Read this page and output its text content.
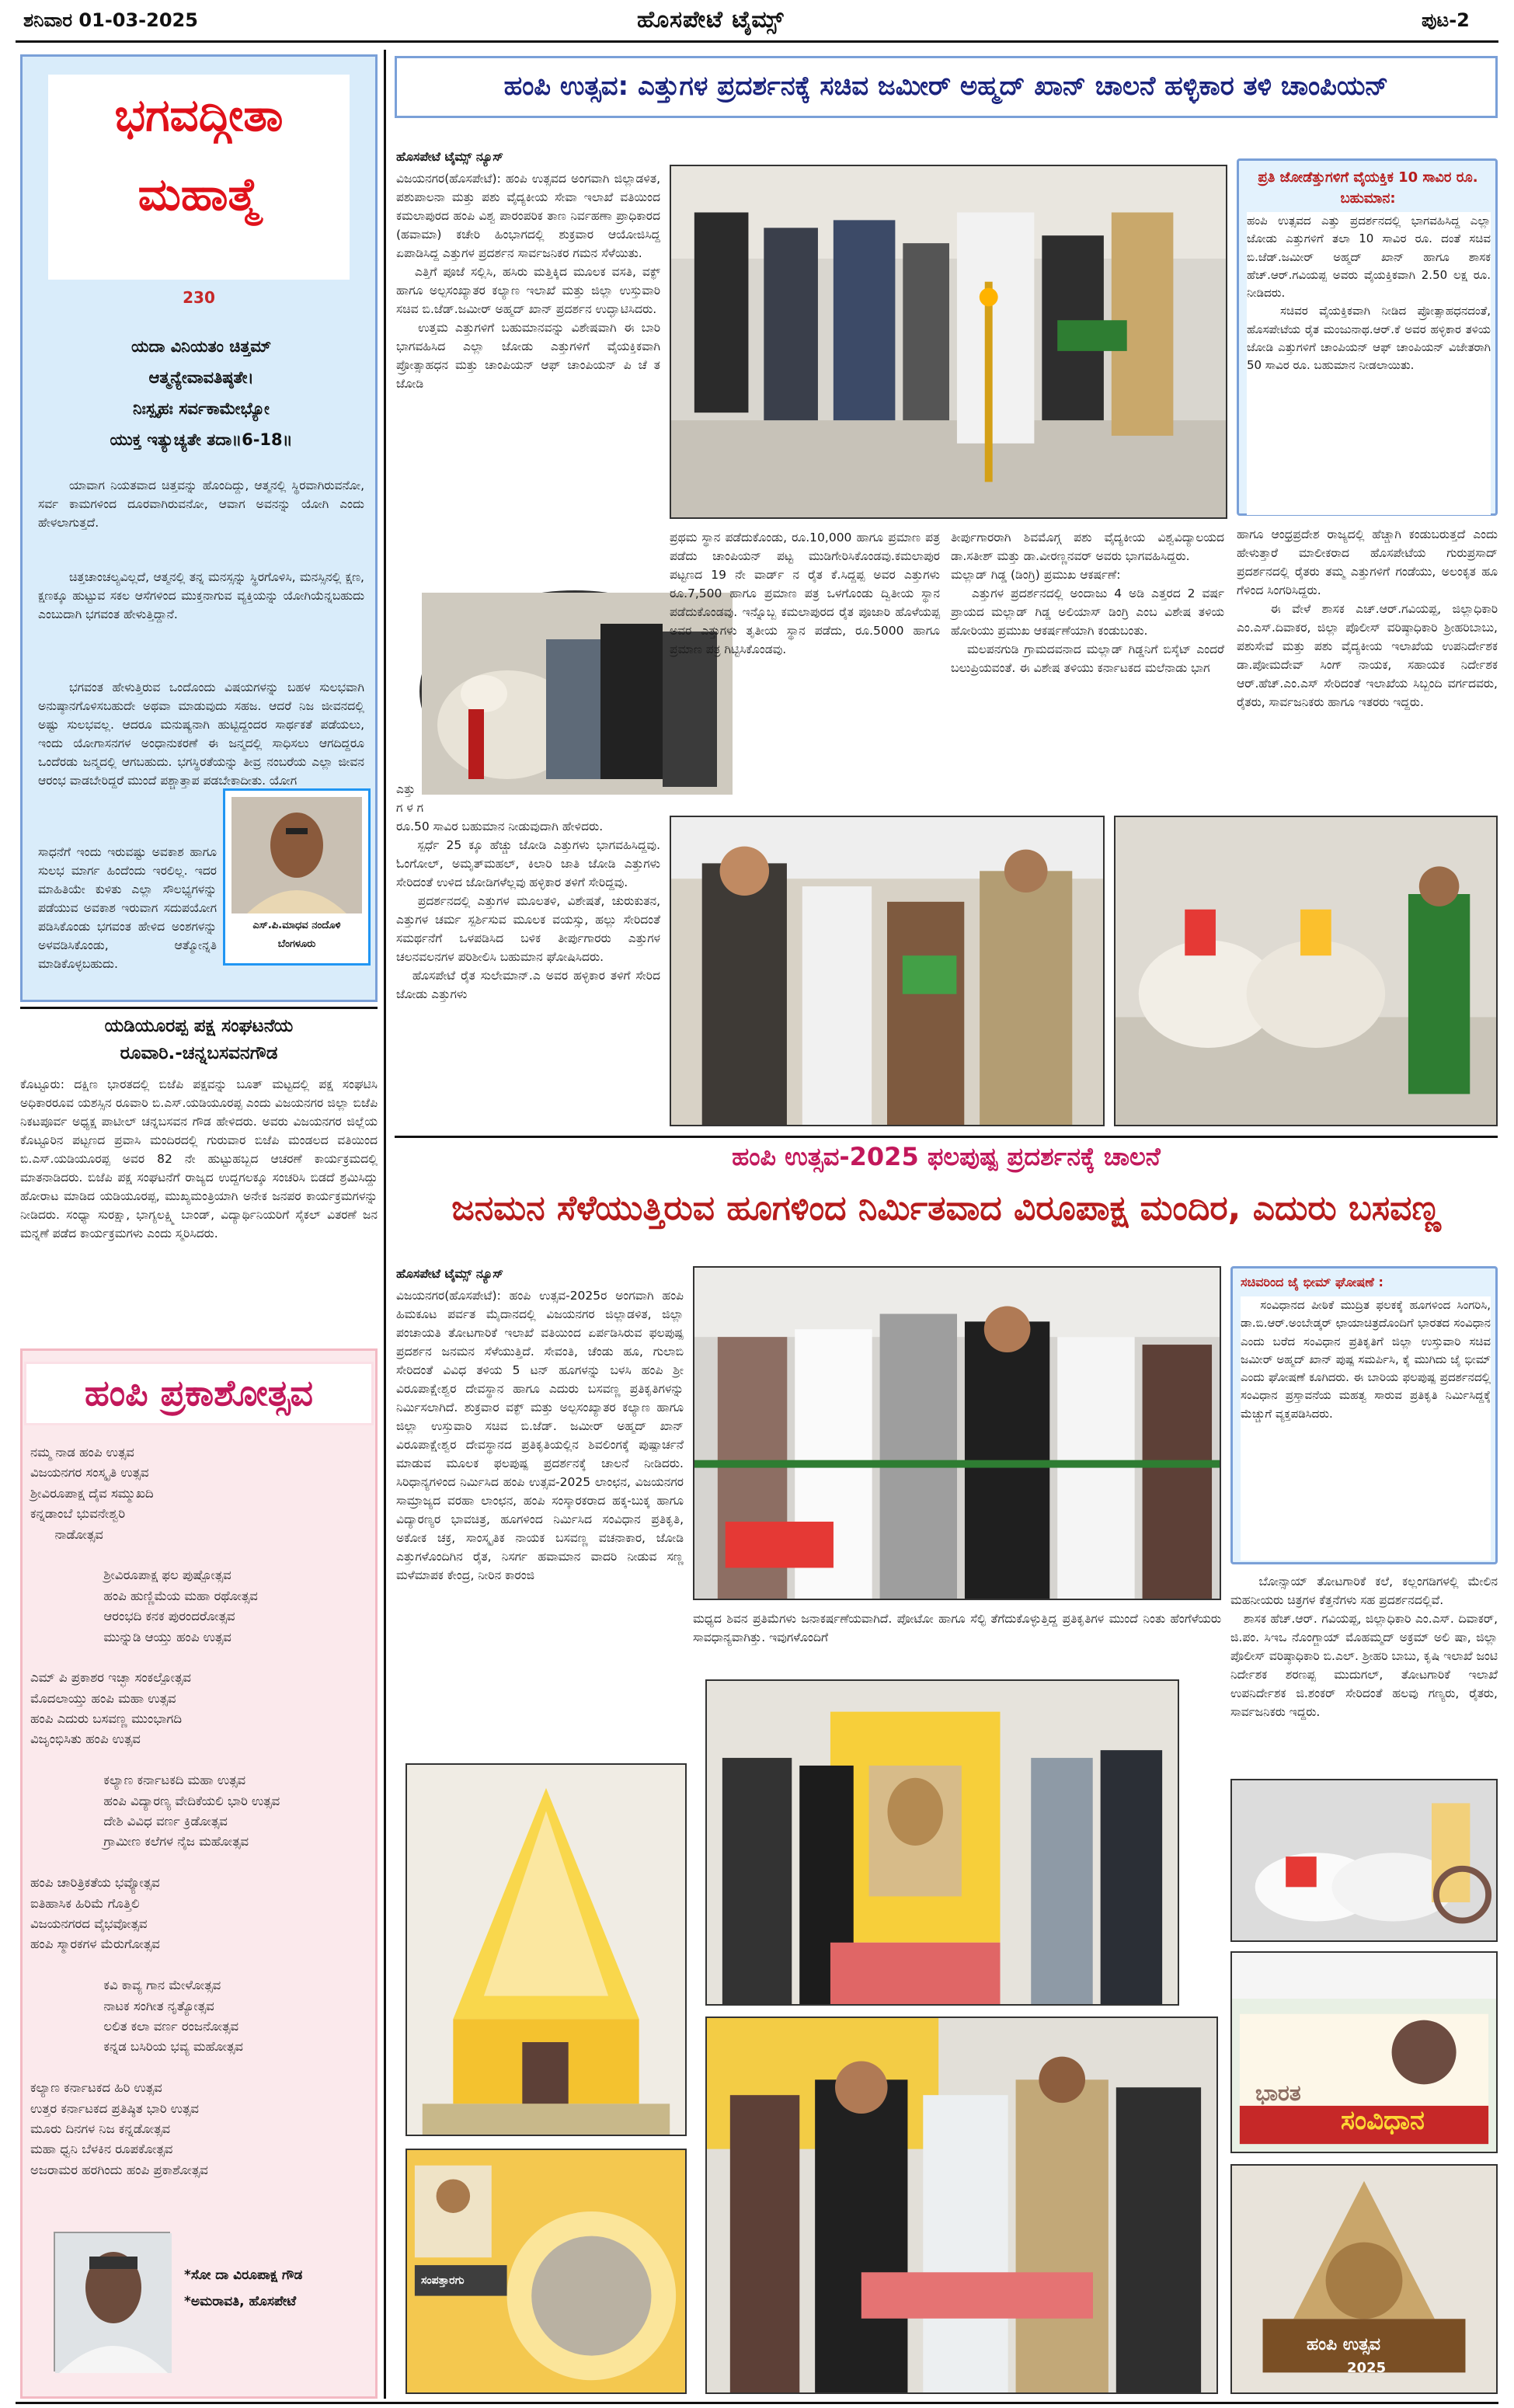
ಶನಿವಾರ 01-03-2025	ಹೊಸಪೇಟೆ ಟೈಮ್ಸ್	ಪುಟ-2
ಭಗವದ್ಗೀತಾ
ಮಹಾತ್ಮೆ
230
ಯದಾ ವಿನಿಯತಂ ಚಿತ್ತಮ್
ಆತ್ಮನ್ಯೇವಾವತಿಷ್ಠತೇ।
ನಿಃಸ್ಪೃಹಃ ಸರ್ವಕಾಮೇಭ್ಯೋ
ಯುಕ್ತ ಇತ್ಯುಚ್ಯತೇ ತದಾ॥6-18॥
ಯಾವಾಗ ನಿಯತವಾದ ಚಿತ್ತವನ್ನು ಹೊಂದಿದ್ದು, ಆತ್ಮನಲ್ಲಿ ಸ್ಥಿರವಾಗಿರುವನೋ, ಸರ್ವ ಕಾಮಗಳಿಂದ ದೂರವಾಗಿರುವನೋ, ಆವಾಗ ಅವನನ್ನು ಯೋಗಿ ಎಂದು ಹೇಳಲಾಗುತ್ತದೆ.
ಚಿತ್ತಚಾಂಚಲ್ಯವಿಲ್ಲದೆ, ಆತ್ಮನಲ್ಲಿ ತನ್ನ ಮನಸ್ಸನ್ನು ಸ್ಥಿರಗೊಳಿಸಿ, ಮನಸ್ಸಿನಲ್ಲಿ ಕ್ಷಣ, ಕ್ಷಣಕ್ಕೂ ಹುಟ್ಟುವ ಸಕಲ ಆಸೆಗಳಿಂದ ಮುಕ್ತನಾಗುವ ವ್ಯಕ್ತಿಯನ್ನು ಯೋಗಿಯೆನ್ನಬಹುದು ಎಂಬುದಾಗಿ ಭಗವಂತ ಹೇಳುತ್ತಿದ್ದಾನೆ.
ಭಗವಂತ ಹೇಳುತ್ತಿರುವ ಒಂದೊಂದು ವಿಷಯಗಳನ್ನು ಬಹಳ ಸುಲಭವಾಗಿ ಅನುಷ್ಠಾನಗೊಳಿಸಬಹುದೇ ಅಥವಾ ಮಾಡುವುದು ಸಹಜ. ಆದರೆ ನಿಜ ಜೀವನದಲ್ಲಿ ಅಷ್ಟು ಸುಲಭವಲ್ಲ. ಆದರೂ ಮನುಷ್ಯನಾಗಿ ಹುಟ್ಟಿದ್ದಂದರ ಸಾರ್ಥಕತೆ ಪಡೆಯಲು, ಇಂದು ಯೋಗಾಸನಗಳ ಅಂಧಾನುಕರಣೆ ಈ ಜನ್ಮದಲ್ಲಿ ಸಾಧಿಸಲು ಆಗದಿದ್ದರೂ ಒಂದೆರಡು ಜನ್ಮದಲ್ಲಿ ಆಗಬಹುದು. ಭಗಸ್ಥಿರತೆಯನ್ನು ತೀವ್ರ ನಂಬರೆಯ ಎಲ್ಲಾ ಜೀವನ ಆರಂಭ ವಾಡಬೇರಿದ್ದರೆ ಮುಂದೆ ಪಶ್ಚಾತ್ತಾಪ ಪಡಬೇಕಾದೀತು. ಯೋಗ
ಸಾಧನೆಗೆ ಇಂದು ಇರುವಷ್ಟು ಅವಕಾಶ ಹಾಗೂ ಸುಲಭ ಮಾರ್ಗ ಹಿಂದೆಂದು ಇರಲಿಲ್ಲ. ಇದರ ಮಾಹಿತಿಯೇ ಕುಳಿತು ಎಲ್ಲಾ ಸೌಲಭ್ಯಗಳನ್ನು ಪಡೆಯುವ ಅವಕಾಶ ಇರುವಾಗ ಸದುಪಯೋಗ ಪಡಿಸಿಕೊಂಡು ಭಗವಂತ ಹೇಳಿದ ಅಂಶಗಳನ್ನು ಅಳವಡಿಸಿಕೊಂಡು, ಆತ್ಮೋನ್ನತಿ ಮಾಡಿಕೊಳ್ಳಬಹುದು.
ಎಸ್.ಪಿ.ಮಾಧವ ನಂದೊಳಿ
ಬೆಂಗಳೂರು
ಯಡಿಯೂರಪ್ಪ ಪಕ್ಷ ಸಂಘಟನೆಯ
ರೂವಾರಿ.-ಚನ್ನಬಸವನಗೌಡ
ಕೊಟ್ಟೂರು: ದಕ್ಷಿಣ ಭಾರತದಲ್ಲಿ ಬಿಜೆಪಿ ಪಕ್ಷವನ್ನು ಬೂತ್ ಮಟ್ಟದಲ್ಲಿ ಪಕ್ಷ ಸಂಘಟಿಸಿ ಅಧಿಕಾರರೂವ ಯಶಸ್ಸಿನ ರೂವಾರಿ ಬಿ.ಎಸ್.ಯಡಿಯೂರಪ್ಪ ಎಂದು ವಿಜಯನಗರ ಜಿಲ್ಲಾ ಬಿಜೆಪಿ ನಿಕಟಪೂರ್ವ ಅಧ್ಯಕ್ಷ ಪಾಟೀಲ್ ಚನ್ನಬಸವನ ಗೌಡ ಹೇಳಿದರು. ಅವರು ವಿಜಯನಗರ ಜಿಲ್ಲೆಯ ಕೊಟ್ಟೂರಿನ ಪಟ್ಟಣದ ಪ್ರವಾಸಿ ಮಂದಿರದಲ್ಲಿ ಗುರುವಾರ ಬಿಜೆಪಿ ಮಂಡಲದ ವತಿಯಿಂದ ಬಿ.ಎಸ್.ಯಡಿಯೂರಪ್ಪ ಅವರ 82 ನೇ ಹುಟ್ಟುಹಬ್ಬದ ಆಚರಣೆ ಕಾರ್ಯಕ್ರಮದಲ್ಲಿ ಮಾತನಾಡಿದರು. ಬಿಜೆಪಿ ಪಕ್ಷ ಸಂಘಟನೆಗೆ ರಾಜ್ಯದ ಉದ್ದಗಲಕ್ಕೂ ಸಂಚರಿಸಿ ಬಿಡದೆ ಶ್ರಮಿಸಿದ್ದು ಹೋರಾಟ ಮಾಡಿದ ಯಡಿಯೂರಪ್ಪ, ಮುಖ್ಯಮಂತ್ರಿಯಾಗಿ ಅನೇಕ ಜನಪರ ಕಾರ್ಯಕ್ರಮಗಳನ್ನು ನೀಡಿದರು. ಸಂಧ್ಯಾ ಸುರಕ್ಷಾ, ಭಾಗ್ಯಲಕ್ಷ್ಮಿ ಬಾಂಡ್, ವಿದ್ಯಾರ್ಥಿನಿಯರಿಗೆ ಸೈಕಲ್ ವಿತರಣೆ ಜನ ಮನ್ನಣೆ ಪಡೆದ ಕಾರ್ಯಕ್ರಮಗಳು ಎಂದು ಸ್ಮರಿಸಿದರು.
ಹಂಪಿ ಪ್ರಕಾಶೋತ್ಸವ
ನಮ್ಮ ನಾಡ ಹಂಪಿ ಉತ್ಸವ
ವಿಜಯನಗರ ಸಂಸ್ಕೃತಿ ಉತ್ಸವ
ಶ್ರೀವಿರೂಪಾಕ್ಷ ದೈವ ಸಮ್ಮುಖದಿ
ಕನ್ನಡಾಂಬೆ ಭುವನೇಶ್ವರಿ
ನಾಡೋತ್ಸವ

ಶ್ರೀವಿರೂಪಾಕ್ಷ ಫಲ ಪುಷ್ಪೋತ್ಸವ
ಹಂಪಿ ಹುಣ್ಣಿಮೆಯ ಮಹಾ ರಥೋತ್ಸವ
ಆರಂಭದಿ ಕನಕ ಪುರಂದರೋತ್ಸವ
ಮುನ್ನುಡಿ ಆಯ್ತು ಹಂಪಿ ಉತ್ಸವ

ಎಮ್ ಪಿ ಪ್ರಕಾಶರ ಇಚ್ಛಾ ಸಂಕಲ್ಪೋತ್ಸವ
ಮೊದಲಾಯ್ತು ಹಂಪಿ ಮಹಾ ಉತ್ಸವ
ಹಂಪಿ ಎದುರು ಬಸವಣ್ಣ ಮುಂಭಾಗದಿ
ವಿಜೃಂಭಿಸಿತು ಹಂಪಿ ಉತ್ಸವ

ಕಲ್ಯಾಣ ಕರ್ನಾಟಕದಿ ಮಹಾ ಉತ್ಸವ
ಹಂಪಿ ವಿದ್ಯಾರಣ್ಯ ವೇದಿಕೆಯಲಿ ಭಾರಿ ಉತ್ಸವ
ದೇಶಿ ವಿವಿಧ ವರ್ಣ ಕ್ರಿಡೋತ್ಸವ
ಗ್ರಾಮೀಣ ಕಲೆಗಳ ನೈಜ ಮಹೋತ್ಸವ

ಹಂಪಿ ಚಾರಿತ್ರಿಕತೆಯ ಭವ್ಯೋತ್ಸವ
ಐತಿಹಾಸಿಕ ಹಿರಿಮೆ ಗೊತ್ತಿಲಿ
ವಿಜಯನಗರದ ವೈಭವೋತ್ಸವ
ಹಂಪಿ ಸ್ಮಾರಕಗಳ ಮೆರುಗೋತ್ಸವ

ಕವಿ ಕಾವ್ಯ ಗಾನ ಮೇಳೋತ್ಸವ
ನಾಟಕ ಸಂಗೀತ ನೃತ್ಯೋತ್ಸವ
ಲಲಿತ ಕಲಾ ವರ್ಣ ರಂಜನೋತ್ಸವ
ಕನ್ನಡ ಬಸಿರಿಯ ಭವ್ಯ ಮಹೋತ್ಸವ

ಕಲ್ಯಾಣ ಕರ್ನಾಟಕದ ಹಿರಿ ಉತ್ಸವ
ಉತ್ತರ ಕರ್ನಾಟಕದ ಪ್ರತಿಷ್ಠಿತ ಭಾರಿ ಉತ್ಸವ
ಮೂರು ದಿನಗಳ ನಿಜ ಕನ್ನಡೋತ್ಸವ
ಮಹಾ ಧ್ವನಿ ಬೆಳಕಿನ ರೂಪಕೋತ್ಸವ
ಅಜರಾಮರ ಹರಗಿಂದು ಹಂಪಿ ಪ್ರಕಾಶೋತ್ಸವ
*ಸೋ ದಾ ವಿರೂಪಾಕ್ಷ ಗೌಡ
*ಅಮರಾವತಿ, ಹೊಸಪೇಟೆ
ಹಂಪಿ ಉತ್ಸವ: ಎತ್ತುಗಳ ಪ್ರದರ್ಶನಕ್ಕೆ ಸಚಿವ ಜಮೀರ್ ಅಹ್ಮದ್ ಖಾನ್ ಚಾಲನೆ ಹಳ್ಳಿಕಾರ ತಳಿ ಚಾಂಪಿಯನ್
ಹೊಸಪೇಟೆ ಟೈಮ್ಸ್ ನ್ಯೂಸ್
ವಿಜಯನಗರ(ಹೊಸಪೇಟೆ): ಹಂಪಿ ಉತ್ಸವದ ಅಂಗವಾಗಿ ಜಿಲ್ಲಾಡಳಿತ, ಪಶುಪಾಲನಾ ಮತ್ತು ಪಶು ವೈದ್ಯಕೀಯ ಸೇವಾ ಇಲಾಖೆ ವತಿಯಿಂದ ಕಮಲಾಪುರದ ಹಂಪಿ ವಿಶ್ವ ಪಾರಂಪರಿಕ ತಾಣ ನಿರ್ವಹಣಾ ಪ್ರಾಧಿಕಾರದ (ಹವಾಮಾ) ಕಚೇರಿ ಹಿಂಭಾಗದಲ್ಲಿ ಶುಕ್ರವಾರ ಆಯೋಜಿಸಿದ್ದ ಏಪಾಡಿಸಿದ್ದ ಎತ್ತುಗಳ ಪ್ರದರ್ಶನ ಸಾರ್ವಜನಿಕರ ಗಮನ ಸೆಳೆಯಿತು.
ಎತ್ತಿಗೆ ಪೂಜೆ ಸಲ್ಲಿಸಿ, ಹಸಿರು ಮತ್ತಿಕ್ಕಿದ ಮೂಲಕ ವಸತಿ, ವಕ್ಫ್ ಹಾಗೂ ಅಲ್ಪಸಂಖ್ಯಾತರ ಕಲ್ಯಾಣ ಇಲಾಖೆ ಮತ್ತು ಜಿಲ್ಲಾ ಉಸ್ತುವಾರಿ ಸಚಿವ ಬಿ.ಜೆಡ್.ಜಮೀರ್ ಅಹ್ಮದ್ ಖಾನ್ ಪ್ರದರ್ಶನ ಉದ್ಘಾಟಿಸಿದರು.
ಉತ್ತಮ ಎತ್ತುಗಳಿಗೆ ಬಹುಮಾನವನ್ನು ವಿಶೇಷವಾಗಿ ಈ ಬಾರಿ ಭಾಗವಹಿಸಿದ ಎಲ್ಲಾ ಜೋಡು ಎತ್ತುಗಳಿಗೆ ವೈಯಕ್ತಿಕವಾಗಿ ಪ್ರೋತ್ಸಾಹಧನ ಮತ್ತು ಚಾಂಪಿಯನ್ ಆಫ್ ಚಾಂಪಿಯನ್ ಪಿ ಚೆ ತ ಜೋಡಿ
ಎತ್ತು
ಗ ಳ ಗ
ರೂ.50 ಸಾವಿರ ಬಹುಮಾನ ನೀಡುವುದಾಗಿ ಹೇಳಿದರು.
ಸ್ಪರ್ಧೆ 25 ಕ್ಕೂ ಹೆಚ್ಚು ಜೋಡಿ ಎತ್ತುಗಳು ಭಾಗವಹಿಸಿದ್ದವು. ಓಂಗೋಲ್, ಅಮೃತ್‌ಮಹಲ್, ಕಿಲಾರಿ ಜಾತಿ ಜೋಡಿ ಎತ್ತುಗಳು ಸೇರಿದಂತೆ ಉಳಿದ ಜೋಡಿಗಳೆಲ್ಲವು ಹಳ್ಳಿಕಾರ ತಳಿಗೆ ಸೇರಿದ್ದವು.
ಪ್ರದರ್ಶನದಲ್ಲಿ ಎತ್ತುಗಳ ಮೂಲತಳಿ, ವಿಶೇಷತೆ, ಚುರುಕುತನ, ಎತ್ತುಗಳ ಚರ್ಮ ಸ್ಪರ್ಶಿಸುವ ಮೂಲಕ ವಯಸ್ಸು, ಹಲ್ಲು ಸೇರಿದಂತೆ ಸಮರ್ಥನೆಗೆ ಒಳಪಡಿಸಿದ ಬಳಿಕ ತೀರ್ಪುಗಾರರು ಎತ್ತುಗಳ ಚಲನವಲನಗಳ ಪರಿಶೀಲಿಸಿ ಬಹುಮಾನ ಘೋಷಿಸಿದರು.
ಹೊಸಪೇಟೆ ರೈತ ಸುಲೇಮಾನ್.ಎ ಅವರ ಹಳ್ಳಿಕಾರ ತಳಿಗೆ ಸೇರಿದ ಜೋಡು ಎತ್ತುಗಳು
ಪ್ರಥಮ ಸ್ಥಾನ ಪಡೆದುಕೊಂಡು, ರೂ.10,000 ಹಾಗೂ ಪ್ರಮಾಣ ಪತ್ರ ಪಡೆದು ಚಾಂಪಿಯನ್ ಪಟ್ಟ ಮುಡಿಗೇರಿಸಿಕೊಂಡವು.ಕಮಲಾಪುರ ಪಟ್ಟಣದ 19 ನೇ ವಾರ್ಡ್ ನ ರೈತ ಕೆ.ಸಿದ್ದಪ್ಪ ಅವರ ಎತ್ತುಗಳು ರೂ.7,500 ಹಾಗೂ ಪ್ರಮಾಣ ಪತ್ರ ಒಳಗೊಂಡು ದ್ವಿತೀಯ ಸ್ಥಾನ ಪಡೆದುಕೊಂಡವು. ಇನ್ನೊಬ್ಬ ಕಮಲಾಪುರದ ರೈತ ಪೂಜಾರಿ ಹೊಳೆಯಪ್ಪ ಅವರ ಎತ್ತುಗಳು ತೃತೀಯ ಸ್ಥಾನ ಪಡೆದು, ರೂ.5000 ಹಾಗೂ ಪ್ರಮಾಣ ಪತ್ರ ಗಿಟ್ಟಿಸಿಕೊಂಡವು.
ತೀರ್ಪುಗಾರರಾಗಿ ಶಿವಮೊಗ್ಗ ಪಶು ವೈದ್ಯಕೀಯ ವಿಶ್ವವಿದ್ಯಾಲಯದ ಡಾ.ಸತೀಶ್ ಮತ್ತು ಡಾ.ವೀರಣ್ಣನವರ್ ಅವರು ಭಾಗವಹಿಸಿದ್ದರು.
ಮಲ್ಲಾಡ್ ಗಿಡ್ಡ (ಡಿಂಗ್ರಿ) ಪ್ರಮುಖ ಆಕರ್ಷಣೆ:
ಎತ್ತುಗಳ ಪ್ರದರ್ಶನದಲ್ಲಿ ಅಂದಾಜು 4 ಅಡಿ ಎತ್ತರದ 2 ವರ್ಷ ಪ್ರಾಯದ ಮಲ್ಲಾಡ್ ಗಿಡ್ಡ ಅಲಿಯಾಸ್ ಡಿಂಗ್ರಿ ಎಂಬ ವಿಶೇಷ ತಳಿಯ ಹೋರಿಯು ಪ್ರಮುಖ ಆಕರ್ಷಣೆಯಾಗಿ ಕಂಡುಬಂತು.
ಮಲಪನಗುಡಿ ಗ್ರಾಮದವನಾದ ಮಲ್ಲಾಡ್ ಗಿಡ್ಡನಿಗೆ ಬಿಸ್ಕೆಟ್ ಎಂದರೆ ಬಲುಪ್ರಿಯವಂತೆ. ಈ ವಿಶೇಷ ತಳಿಯು ಕರ್ನಾಟಕದ ಮಲೆನಾಡು ಭಾಗ
ಪ್ರತಿ ಜೋಡೆತ್ತುಗಳಿಗೆ ವೈಯಕ್ತಿಕ 10 ಸಾವಿರ ರೂ. ಬಹುಮಾನ:
ಹಂಪಿ ಉತ್ಸವದ ಎತ್ತು ಪ್ರದರ್ಶನದಲ್ಲಿ ಭಾಗವಹಿಸಿದ್ದ ಎಲ್ಲಾ ಜೋಡು ಎತ್ತುಗಳಿಗೆ ತಲಾ 10 ಸಾವಿರ ರೂ. ದಂತೆ ಸಚಿವ ಬಿ.ಜೆಡ್.ಜಮೀರ್ ಅಹ್ಮದ್ ಖಾನ್ ಹಾಗೂ ಶಾಸಕ ಹೆಚ್.ಆರ್.ಗವಿಯಪ್ಪ ಅವರು ವೈಯಕ್ತಿಕವಾಗಿ 2.50 ಲಕ್ಷ ರೂ. ನೀಡಿದರು.
ಸಚಿವರ ವೈಯಕ್ತಿಕವಾಗಿ ನೀಡಿದ ಪ್ರೋತ್ಸಾಹಧನದಂತೆ, ಹೊಸಪೇಟೆಯ ರೈತ ಮಂಜುನಾಥ.ಆರ್.ಕೆ ಅವರ ಹಳ್ಳಿಕಾರ ತಳಿಯ ಜೋಡಿ ಎತ್ತುಗಳಿಗೆ ಚಾಂಪಿಯನ್ ಆಫ್ ಚಾಂಪಿಯನ್ ವಿಜೇತರಾಗಿ 50 ಸಾವಿರ ರೂ. ಬಹುಮಾನ ನೀಡಲಾಯಿತು.
ಹಾಗೂ ಆಂಧ್ರಪ್ರದೇಶ ರಾಜ್ಯದಲ್ಲಿ ಹೆಚ್ಚಾಗಿ ಕಂಡುಬರುತ್ತದೆ ಎಂದು ಹೇಳುತ್ತಾರೆ ಮಾಲೀಕರಾದ ಹೊಸಪೇಟೆಯ ಗುರುಪ್ರಸಾದ್ ಪ್ರದರ್ಶನದಲ್ಲಿ ರೈತರು ತಮ್ಮ ಎತ್ತುಗಳಿಗೆ ಗಂಡೆಯು, ಅಲಂಕೃತ ಹೂ ಗೆಳಿಂದ ಸಿಂಗರಿಸಿದ್ದರು.
ಈ ವೇಳೆ ಶಾಸಕ ಎಚ್.ಆರ್.ಗವಿಯಪ್ಪ, ಜಿಲ್ಲಾಧಿಕಾರಿ ಎಂ.ಎಸ್.ದಿವಾಕರ, ಜಿಲ್ಲಾ ಪೊಲೀಸ್ ವರಿಷ್ಠಾಧಿಕಾರಿ ಶ್ರೀಹರಿಬಾಬು, ಪಶುಸೇವೆ ಮತ್ತು ಪಶು ವೈದ್ಯಕೀಯ ಇಲಾಖೆಯ ಉಪನಿರ್ದೇಶಕ ಡಾ.ಪೋಮದೇವ್ ಸಿಂಗ್ ನಾಯಕ, ಸಹಾಯಕ ನಿರ್ದೇಶಕ ಆರ್.ಹೆಚ್.ಎಂ.ಎಸ್ ಸೇರಿದಂತೆ ಇಲಾಖೆಯ ಸಿಬ್ಬಂದಿ ವರ್ಗದವರು, ರೈತರು, ಸಾರ್ವಜನಿಕರು ಹಾಗೂ ಇತರರು ಇದ್ದರು.
ಹಂಪಿ ಉತ್ಸವ-2025 ಫಲಪುಷ್ಪ ಪ್ರದರ್ಶನಕ್ಕೆ ಚಾಲನೆ
ಜನಮನ ಸೆಳೆಯುತ್ತಿರುವ ಹೂಗಳಿಂದ ನಿರ್ಮಿತವಾದ ವಿರೂಪಾಕ್ಷ ಮಂದಿರ, ಎದುರು ಬಸವಣ್ಣ
ಹೊಸಪೇಟೆ ಟೈಮ್ಸ್ ನ್ಯೂಸ್
ವಿಜಯನಗರ(ಹೊಸಪೇಟೆ): ಹಂಪಿ ಉತ್ಸವ-2025ರ ಅಂಗವಾಗಿ ಹಂಪಿ ಹಿಮಕೂಟ ಪರ್ವತ ಮೈದಾನದಲ್ಲಿ ವಿಜಯನಗರ ಜಿಲ್ಲಾಡಳಿತ, ಜಿಲ್ಲಾ ಪಂಚಾಯತಿ ತೋಟಗಾರಿಕೆ ಇಲಾಖೆ ವತಿಯಿಂದ ಏರ್ಪಡಿಸಿರುವ ಫಲಪುಷ್ಪ ಪ್ರದರ್ಶನ ಜನಮನ ಸೆಳೆಯುತ್ತಿದೆ. ಸೇವಂತಿ, ಚೆಂಡು ಹೂ, ಗುಲಾಬಿ ಸೇರಿದಂತೆ ವಿವಿಧ ತಳಿಯ 5 ಟನ್ ಹೂಗಳನ್ನು ಬಳಸಿ ಹಂಪಿ ಶ್ರೀ ವಿರೂಪಾಕ್ಷೇಶ್ವರ ದೇವಸ್ಥಾನ ಹಾಗೂ ಎದುರು ಬಸವಣ್ಣ ಪ್ರತಿಕೃತಿಗಳನ್ನು ನಿರ್ಮಿಸಲಾಗಿದೆ. ಶುಕ್ರವಾರ ವಕ್ಫ್ ಮತ್ತು ಅಲ್ಪಸಂಖ್ಯಾತರ ಕಲ್ಯಾಣ ಹಾಗೂ ಜಿಲ್ಲಾ ಉಸ್ತುವಾರಿ ಸಚಿವ ಬಿ.ಜೆಡ್. ಜಮೀರ್ ಅಹ್ಮದ್ ಖಾನ್ ವಿರೂಪಾಕ್ಷೇಶ್ವರ ದೇವಸ್ಥಾನದ ಪ್ರತಿಕೃತಿಯಲ್ಲಿನ ಶಿವಲಿಂಗಕ್ಕೆ ಪುಷ್ಪಾರ್ಚನೆ ಮಾಡುವ ಮೂಲಕ ಫಲಪುಷ್ಪ ಪ್ರದರ್ಶನಕ್ಕೆ ಚಾಲನೆ ನೀಡಿದರು. ಸಿರಿಧಾನ್ಯಗಳಿಂದ ನಿರ್ಮಿಸಿದ ಹಂಪಿ ಉತ್ಸವ-2025 ಲಾಂಛನ, ವಿಜಯನಗರ ಸಾಮ್ರಾಜ್ಯದ ವರಹಾ ಲಾಂಛನ, ಹಂಪಿ ಸಂಸ್ಕಾರಕರಾದ ಹಕ್ಕ-ಬುಕ್ಕ ಹಾಗೂ ವಿದ್ಯಾರಣ್ಯರ ಭಾವಚಿತ್ರ, ಹೂಗಳಿಂದ ನಿರ್ಮಿಸಿದ ಸಂವಿಧಾನ ಪ್ರತಿಕೃತಿ, ಅಕೋಕ ಚಕ್ರ, ಸಾಂಸ್ಕೃತಿಕ ನಾಯಕ ಬಸವಣ್ಣ ವಚನಾಕಾರ, ಜೋಡಿ ಎತ್ತುಗಳೊಂದಿಗಿನ ರೈತ, ನಿಸರ್ಗ ಹವಾಮಾನ ವಾದರಿ ನೀಡುವ ಸಣ್ಣ ಮಳೆಮಾಪಕ ಕೇಂದ್ರ, ನೀರಿನ ಕಾರಂಜಿ
ಮಧ್ಯದ ಶಿವನ ಪ್ರತಿಮೆಗಳು ಜನಾಕರ್ಷಣೆಯವಾಗಿದೆ. ಪೋಟೋ ಹಾಗೂ ಸೆಲ್ಫಿ ತೆಗೆದುಕೊಳ್ಳುತ್ತಿದ್ದ ಪ್ರತಿಕೃತಿಗಳ ಮುಂದೆ ನಿಂತು ಹೆಂಗೆಳೆಯರು ಸಾವಧಾನ್ಯವಾಗಿತ್ತು. ಇವುಗಳೊಂದಿಗೆ
ಸಚಿವರಿಂದ ಜೈ ಭೀಮ್ ಘೋಷಣೆ :
ಸಂವಿಧಾನದ ಪೀಠಿಕೆ ಮುದ್ರಿತ ಫಲಕಕ್ಕೆ ಹೂಗಳಿಂದ ಸಿಂಗರಿಸಿ, ಡಾ.ಬಿ.ಆರ್.ಅಂಬೇಡ್ಕರ್ ಛಾಯಾಚಿತ್ರದೊಂದಿಗೆ ಭಾರತದ ಸಂವಿಧಾನ ಎಂದು ಬರೆದ ಸಂವಿಧಾನ ಪ್ರತಿಕೃತಿಗೆ ಜಿಲ್ಲಾ ಉಸ್ತುವಾರಿ ಸಚಿವ ಜಮೀರ್ ಅಹ್ಮದ್ ಖಾನ್ ಪುಷ್ಪ ಸಮರ್ಪಿಸಿ, ಕೈ ಮುಗಿದು ಜೈ ಭೀಮ್ ಎಂದು ಘೋಷಣೆ ಕೂಗಿದರು. ಈ ಬಾರಿಯ ಫಲಪುಷ್ಪ ಪ್ರದರ್ಶನದಲ್ಲಿ ಸಂವಿಧಾನ ಪ್ರಸ್ತಾವನೆಯ ಮಹತ್ವ ಸಾರುವ ಪ್ರತಿಕೃತಿ ನಿರ್ಮಿಸಿದ್ದಕ್ಕೆ ಮೆಚ್ಚುಗೆ ವ್ಯಕ್ತಪಡಿಸಿದರು.
ಬೋನ್ಸಾಯ್ ತೋಟಗಾರಿಕೆ ಕಲೆ, ಕಲ್ಲಂಗಡಿಗಳಲ್ಲಿ ಮೇಲಿನ ಮಹನೀಯರು ಚಿತ್ರಗಳ ಕೆತ್ತನೆಗಳು ಸಹ ಪ್ರದರ್ಶನದಲ್ಲಿವೆ.
ಶಾಸಕ ಹೆಚ್.ಆರ್. ಗವಿಯಪ್ಪ, ಜಿಲ್ಲಾಧಿಕಾರಿ ಎಂ.ಎಸ್. ದಿವಾಕರ್, ಜಿ.ಪಂ. ಸಿಇಒ ನೊಂಗ್ಜಾಯ್ ಮೊಹಮ್ಮದ್ ಅಕ್ರಮ್ ಅಲಿ ಷಾ, ಜಿಲ್ಲಾ ಪೊಲೀಸ್ ವರಿಷ್ಠಾಧಿಕಾರಿ ಬಿ.ಎಲ್. ಶ್ರೀಹರಿ ಬಾಬು, ಕೃಷಿ ಇಲಾಖೆ ಜಂಟಿ ನಿರ್ದೇಶಕ ಶರಣಪ್ಪ ಮುದುಗಲ್, ತೋಟಗಾರಿಕೆ ಇಲಾಖೆ ಉಪನಿರ್ದೇಶಕ ಜಿ.ಶಂಕರ್ ಸೇರಿದಂತೆ ಹಲವು ಗಣ್ಯರು, ರೈತರು, ಸಾರ್ವಜನಿಕರು ಇದ್ದರು.
ಭಾರತ
ಸಂವಿಧಾನ
ಸಂಪತ್ತಾರಗು
ಹಂಪಿ ಉತ್ಸವ
2025
